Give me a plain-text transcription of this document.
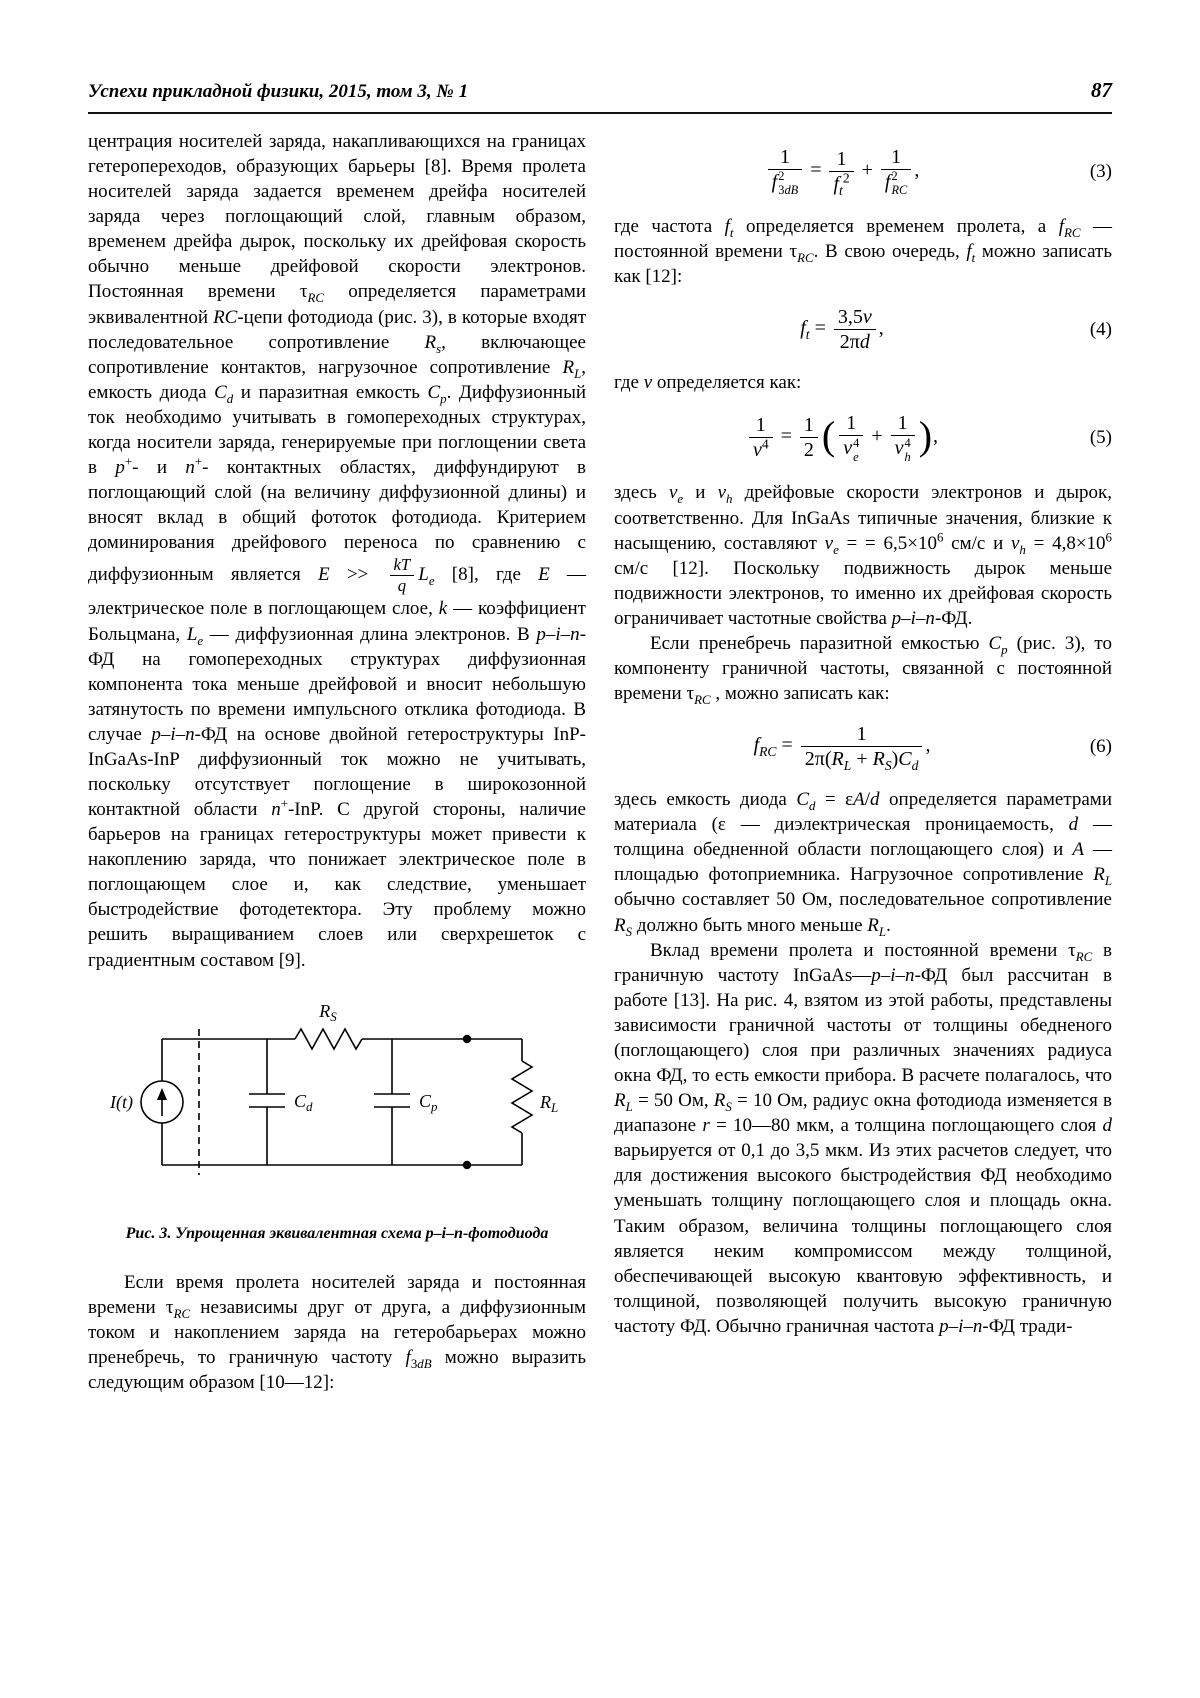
Успехи прикладной физики, 2015, том 3, № 1	87

центрация носителей заряда, накапливающихся на границах гетеропереходов, образующих барьеры [8]. Время пролета носителей заряда задается временем дрейфа носителей заряда через поглощающий слой, главным образом, временем дрейфа дырок, поскольку их дрейфовая скорость обычно меньше дрейфовой скорости электронов. Постоянная времени $\tau_{RC}$ определяется параметрами эквивалентной RC-цепи фотодиода (рис. 3), в которые входят последовательное сопротивление $R_s$, включающее сопротивление контактов, нагрузочное сопротивление $R_L$, емкость диода $C_d$ и паразитная емкость $C_p$. Диффузионный ток необходимо учитывать в гомопереходных структурах, когда носители заряда, генерируемые при поглощении света в p+- и n+- контактных областях, диффундируют в поглощающий слой (на величину диффузионной длины) и вносят вклад в общий фототок фотодиода. Критерием доминирования дрейфового переноса по сравнению с диффузионным является $E >> \frac{kT}{q} L_e$ [8], где E — электрическое поле в поглощающем слое, k — коэффициент Больцмана, $L_e$ — диффузионная длина электронов. В p–i–n-ФД на гомопереходных структурах диффузионная компонента тока меньше дрейфовой и вносит небольшую затянутость по времени импульсного отклика фотодиода. В случае p–i–n-ФД на основе двойной гетероструктуры InP-InGaAs-InP диффузионный ток можно не учитывать, поскольку отсутствует поглощение в широкозонной контактной области n+-InP. С другой стороны, наличие барьеров на границах гетероструктуры может привести к накоплению заряда, что понижает электрическое поле в поглощающем слое и, как следствие, уменьшает быстродействие фотодетектора. Эту проблему можно решить выращиванием слоев или сверхрешеток с градиентным составом [9].

I(t)
$R_S$
$C_d$	$C_p$	$R_L$
Рис. 3. Упрощенная эквивалентная схема p–i–n-фотодиода

Если время пролета носителей заряда и постоянная времени $\tau_{RC}$ независимы друг от друга, а диффузионным током и накоплением заряда на гетеробарьерах можно пренебречь, то граничную частоту $f_{3dB}$ можно выразить следующим образом [10—12]:

1
f 2
$3dB = \frac{1}{f_t^2} + 1$
f 2
RC ,	(3)

где частота $f_t$ определяется временем пролета, а $f_{RC}$ — постоянной времени $\tau_{RC}$. В свою очередь, $f_t$ можно записать как [12]:

$f_t = \frac{3,5v}{2\pi d}$ ,	(4)

где v определяется как:

$\frac{1}{v^4} = \frac{1}{2}$ ( 1
v 4
e + 1
v 4
h ),	(5)

здесь $v_e$ и $v_h$ дрейфовые скорости электронов и дырок, соответственно. Для InGaAs типичные значения, близкие к насыщению, составляют $v_e$ = = $6,5\times 10^6$ см/с и $v_h = 4,8\times 10^6$ см/с [12]. Поскольку подвижность дырок меньше подвижности электронов, то именно их дрейфовая скорость ограничивает частотные свойства p–i–n-ФД.

Если пренебречь паразитной емкостью $C_p$ (рис. 3), то компоненту граничной частоты, связанной с постоянной времени $\tau_{RC}$ , можно записать как:

$f_{RC} = \frac{1}{2\pi(R_L + R_S)C_d}$ ,	(6)

здесь емкость диода $C_d = \varepsilon A/d$ определяется параметрами материала (ε — диэлектрическая проницаемость, d — толщина обедненной области поглощающего слоя) и A — площадью фотоприемника. Нагрузочное сопротивление $R_L$ обычно составляет 50 Ом, последовательное сопротивление $R_S$ должно быть много меньше $R_L$.

Вклад времени пролета и постоянной времени $\tau_{RC}$ в граничную частоту InGaAs—p–i–n-ФД был рассчитан в работе [13]. На рис. 4, взятом из этой работы, представлены зависимости граничной частоты от толщины обедненого (поглощающего) слоя при различных значениях радиуса окна ФД, то есть емкости прибора. В расчете полагалось, что $R_L = 50$ Ом, $R_S = 10$ Ом, радиус окна фотодиода изменяется в диапазоне r = 10—80 мкм, а толщина поглощающего слоя d варьируется от 0,1 до 3,5 мкм. Из этих расчетов следует, что для достижения высокого быстродействия ФД необходимо уменьшать толщину поглощающего слоя и площадь окна. Таким образом, величина толщины поглощающего слоя является неким компромиссом между толщиной, обеспечивающей высокую квантовую эффективность, и толщиной, позволяющей получить высокую граничную частоту ФД. Обычно граничная частота p–i–n-ФД тради-
